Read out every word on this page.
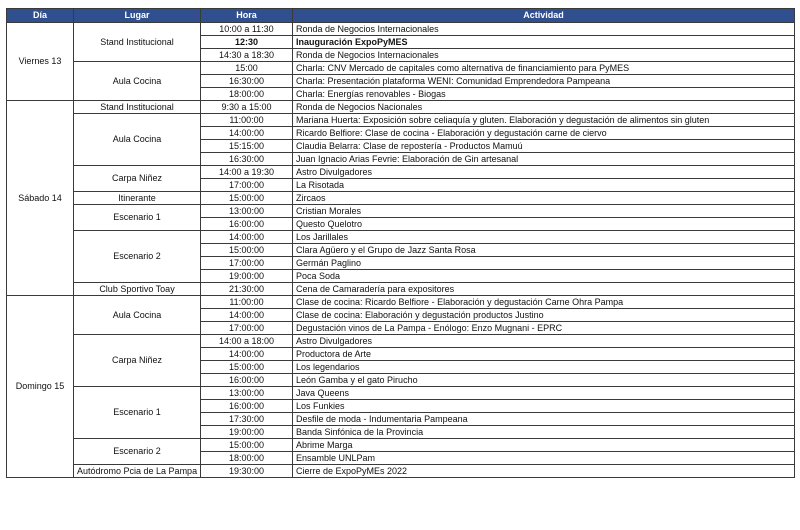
Día	Lugar	Hora	Actividad
Viernes 13	Stand Institucional	10:00 a 11:30	Ronda de Negocios Internacionales
		12:30	Inauguración ExpoPyMES
		14:30 a 18:30	Ronda de Negocios Internacionales
	Aula Cocina	15:00	Charla: CNV Mercado de capitales como alternativa de financiamiento para PyMES
		16:30:00	Charla: Presentación plataforma WENI: Comunidad Emprendedora Pampeana
		18:00:00	Charla: Energías renovables - Biogas
Sábado 14	Stand Institucional	9:30 a 15:00	Ronda de Negocios Nacionales
	Aula Cocina	11:00:00	Mariana Huerta: Exposición sobre celiaquía y gluten. Elaboración y degustación de alimentos sin gluten
		14:00:00	Ricardo Belfiore: Clase de cocina - Elaboración y degustación carne de ciervo
		15:15:00	Claudia Belarra: Clase de repostería - Productos Mamuú
		16:30:00	Juan Ignacio Arias Fevrie: Elaboración de Gin artesanal
	Carpa Niñez	14:00 a 19:30	Astro Divulgadores
		17:00:00	La Risotada
	Itinerante	15:00:00	Zircaos
	Escenario 1	13:00:00	Cristian Morales
		16:00:00	Questo Quelotro
	Escenario 2	14:00:00	Los Jarillales
		15:00:00	Clara Agüero y el Grupo de Jazz Santa Rosa
		17:00:00	Germán Paglino
		19:00:00	Poca Soda
	Club Sportivo Toay	21:30:00	Cena de Camaradería para expositores
Domingo 15	Aula Cocina	11:00:00	Clase de cocina: Ricardo Belfiore - Elaboración y degustación Carne Ohra Pampa
		14:00:00	Clase de cocina: Elaboración y degustación productos Justino
		17:00:00	Degustación vinos de La Pampa - Enólogo: Enzo Mugnani - EPRC
	Carpa Niñez	14:00 a 18:00	Astro Divulgadores
		14:00:00	Productora de Arte
		15:00:00	Los legendarios
		16:00:00	León Gamba y el gato Pirucho
	Escenario 1	13:00:00	Java Queens
		16:00:00	Los Funkies
		17:30:00	Desfile de moda - Indumentaria Pampeana
		19:00:00	Banda Sinfónica de la Provincia
	Escenario 2	15:00:00	Abrime Marga
		18:00:00	Ensamble UNLPam
	Autódromo Pcia de La Pampa	19:30:00	Cierre de ExpoPyMEs 2022
